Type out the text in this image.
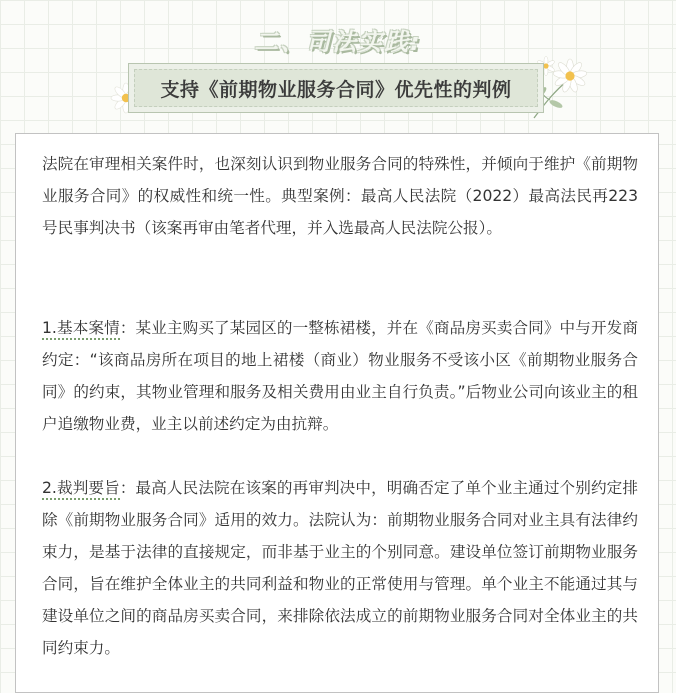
二、司法实践:
支持《前期物业服务合同》优先性的判例
法院在审理相关案件时，也深刻认识到物业服务合同的特殊性，并倾向于维护《前期物业服务合同》的权威性和统一性。典型案例：最高人民法院（2022）最高法民再223号民事判决书（该案再审由笔者代理，并入选最高人民法院公报）。
1.基本案情：某业主购买了某园区的一整栋裙楼，并在《商品房买卖合同》中与开发商约定：“该商品房所在项目的地上裙楼（商业）物业服务不受该小区《前期物业服务合同》的约束，其物业管理和服务及相关费用由业主自行负责。”后物业公司向该业主的租户追缴物业费，业主以前述约定为由抗辩。
2.裁判要旨：最高人民法院在该案的再审判决中，明确否定了单个业主通过个别约定排除《前期物业服务合同》适用的效力。法院认为：前期物业服务合同对业主具有法律约束力，是基于法律的直接规定，而非基于业主的个别同意。建设单位签订前期物业服务合同，旨在维护全体业主的共同利益和物业的正常使用与管理。单个业主不能通过其与建设单位之间的商品房买卖合同，来排除依法成立的前期物业服务合同对全体业主的共同约束力。
